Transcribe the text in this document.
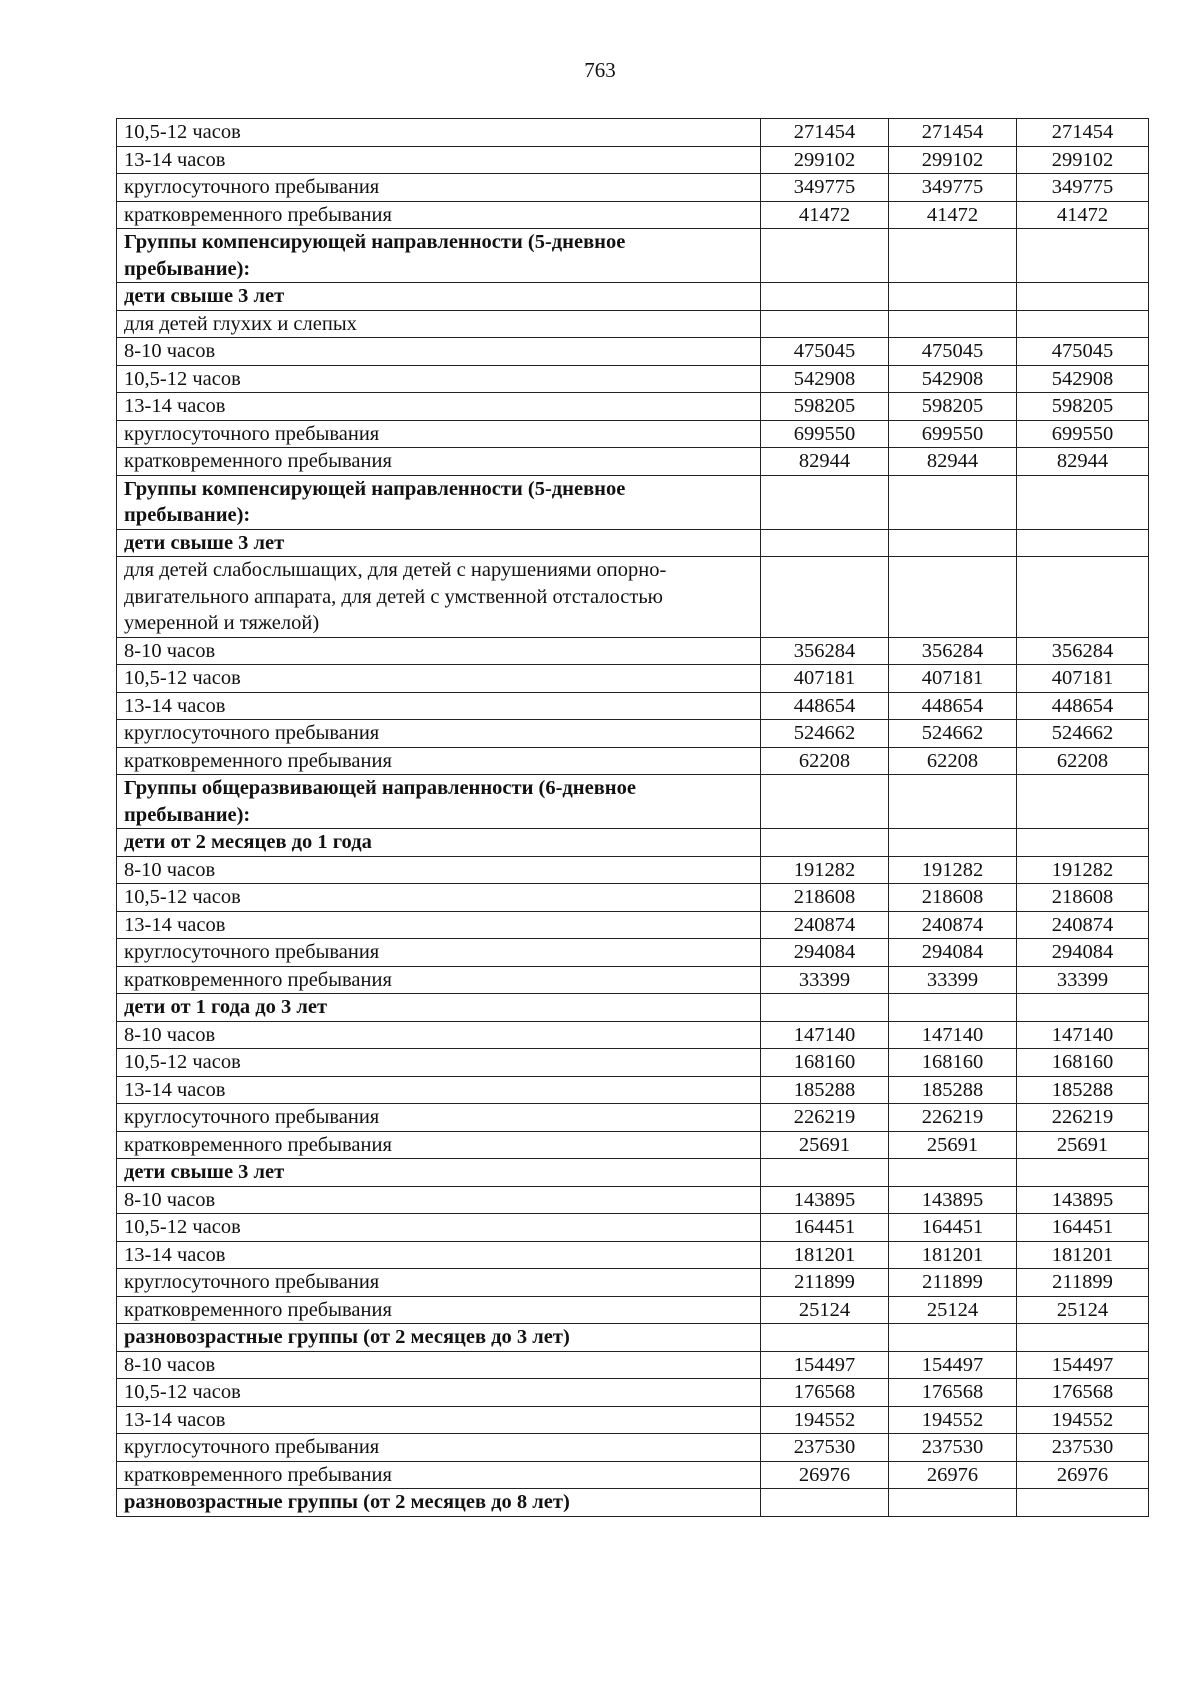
763
10,5-12 часов	271454	271454	271454
13-14 часов	299102	299102	299102
круглосуточного пребывания	349775	349775	349775
кратковременного пребывания	41472	41472	41472
Группы компенсирующей направленности (5-дневное пребывание):			
дети свыше 3 лет			
для детей глухих и слепых			
8-10 часов	475045	475045	475045
10,5-12 часов	542908	542908	542908
13-14 часов	598205	598205	598205
круглосуточного пребывания	699550	699550	699550
кратковременного пребывания	82944	82944	82944
Группы компенсирующей направленности (5-дневное пребывание):			
дети свыше 3 лет			
для детей слабослышащих, для детей с нарушениями опорно-двигательного аппарата, для детей с умственной отсталостью умеренной и тяжелой)			
8-10 часов	356284	356284	356284
10,5-12 часов	407181	407181	407181
13-14 часов	448654	448654	448654
круглосуточного пребывания	524662	524662	524662
кратковременного пребывания	62208	62208	62208
Группы общеразвивающей направленности (6-дневное пребывание):			
дети от 2 месяцев до 1 года			
8-10 часов	191282	191282	191282
10,5-12 часов	218608	218608	218608
13-14 часов	240874	240874	240874
круглосуточного пребывания	294084	294084	294084
кратковременного пребывания	33399	33399	33399
дети от 1 года до 3 лет			
8-10 часов	147140	147140	147140
10,5-12 часов	168160	168160	168160
13-14 часов	185288	185288	185288
круглосуточного пребывания	226219	226219	226219
кратковременного пребывания	25691	25691	25691
дети свыше 3 лет			
8-10 часов	143895	143895	143895
10,5-12 часов	164451	164451	164451
13-14 часов	181201	181201	181201
круглосуточного пребывания	211899	211899	211899
кратковременного пребывания	25124	25124	25124
разновозрастные группы (от 2 месяцев до 3 лет)			
8-10 часов	154497	154497	154497
10,5-12 часов	176568	176568	176568
13-14 часов	194552	194552	194552
круглосуточного пребывания	237530	237530	237530
кратковременного пребывания	26976	26976	26976
разновозрастные группы (от 2 месяцев до 8 лет)			
